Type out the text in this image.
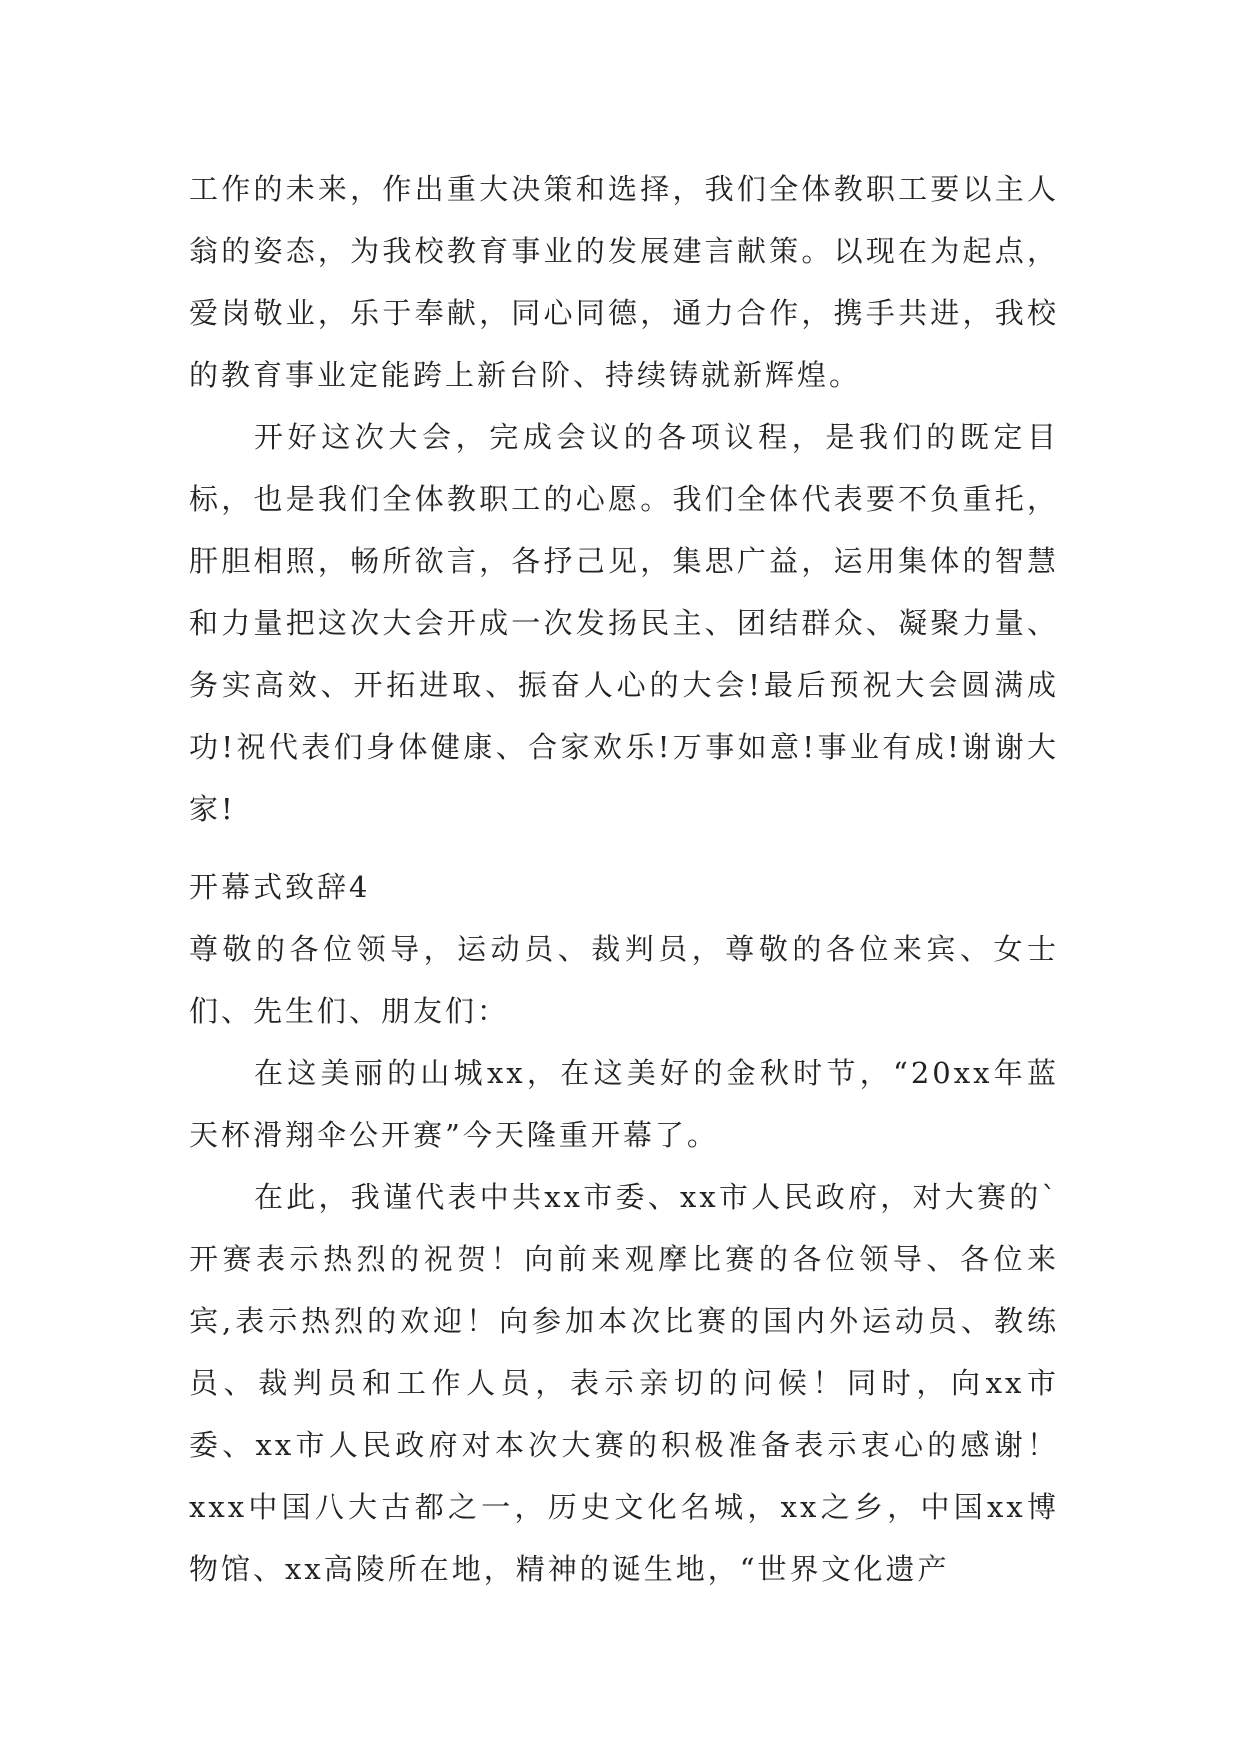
工作的未来，作出重大决策和选择，我们全体教职工要以主人翁的姿态，为我校教育事业的发展建言献策。以现在为起点，爱岗敬业，乐于奉献，同心同德，通力合作，携手共进，我校的教育事业定能跨上新台阶、持续铸就新辉煌。

开好这次大会，完成会议的各项议程，是我们的既定目标，也是我们全体教职工的心愿。我们全体代表要不负重托，肝胆相照，畅所欲言，各抒己见，集思广益，运用集体的智慧和力量把这次大会开成一次发扬民主、团结群众、凝聚力量、务实高效、开拓进取、振奋人心的大会!最后预祝大会圆满成功!祝代表们身体健康、合家欢乐!万事如意!事业有成!谢谢大家!

开幕式致辞4

尊敬的各位领导，运动员、裁判员，尊敬的各位来宾、女士们、先生们、朋友们：

在这美丽的山城xx，在这美好的金秋时节，“20xx年蓝天杯滑翔伞公开赛”今天隆重开幕了。

在此，我谨代表中共xx市委、xx市人民政府，对大赛的`开赛表示热烈的祝贺！向前来观摩比赛的各位领导、各位来宾,表示热烈的欢迎！向参加本次比赛的国内外运动员、教练员、裁判员和工作人员，表示亲切的问候！同时，向xx市委、xx市人民政府对本次大赛的积极准备表示衷心的感谢！xxx中国八大古都之一，历史文化名城，xx之乡，中国xx博物馆、xx高陵所在地，精神的诞生地，“世界文化遗产
